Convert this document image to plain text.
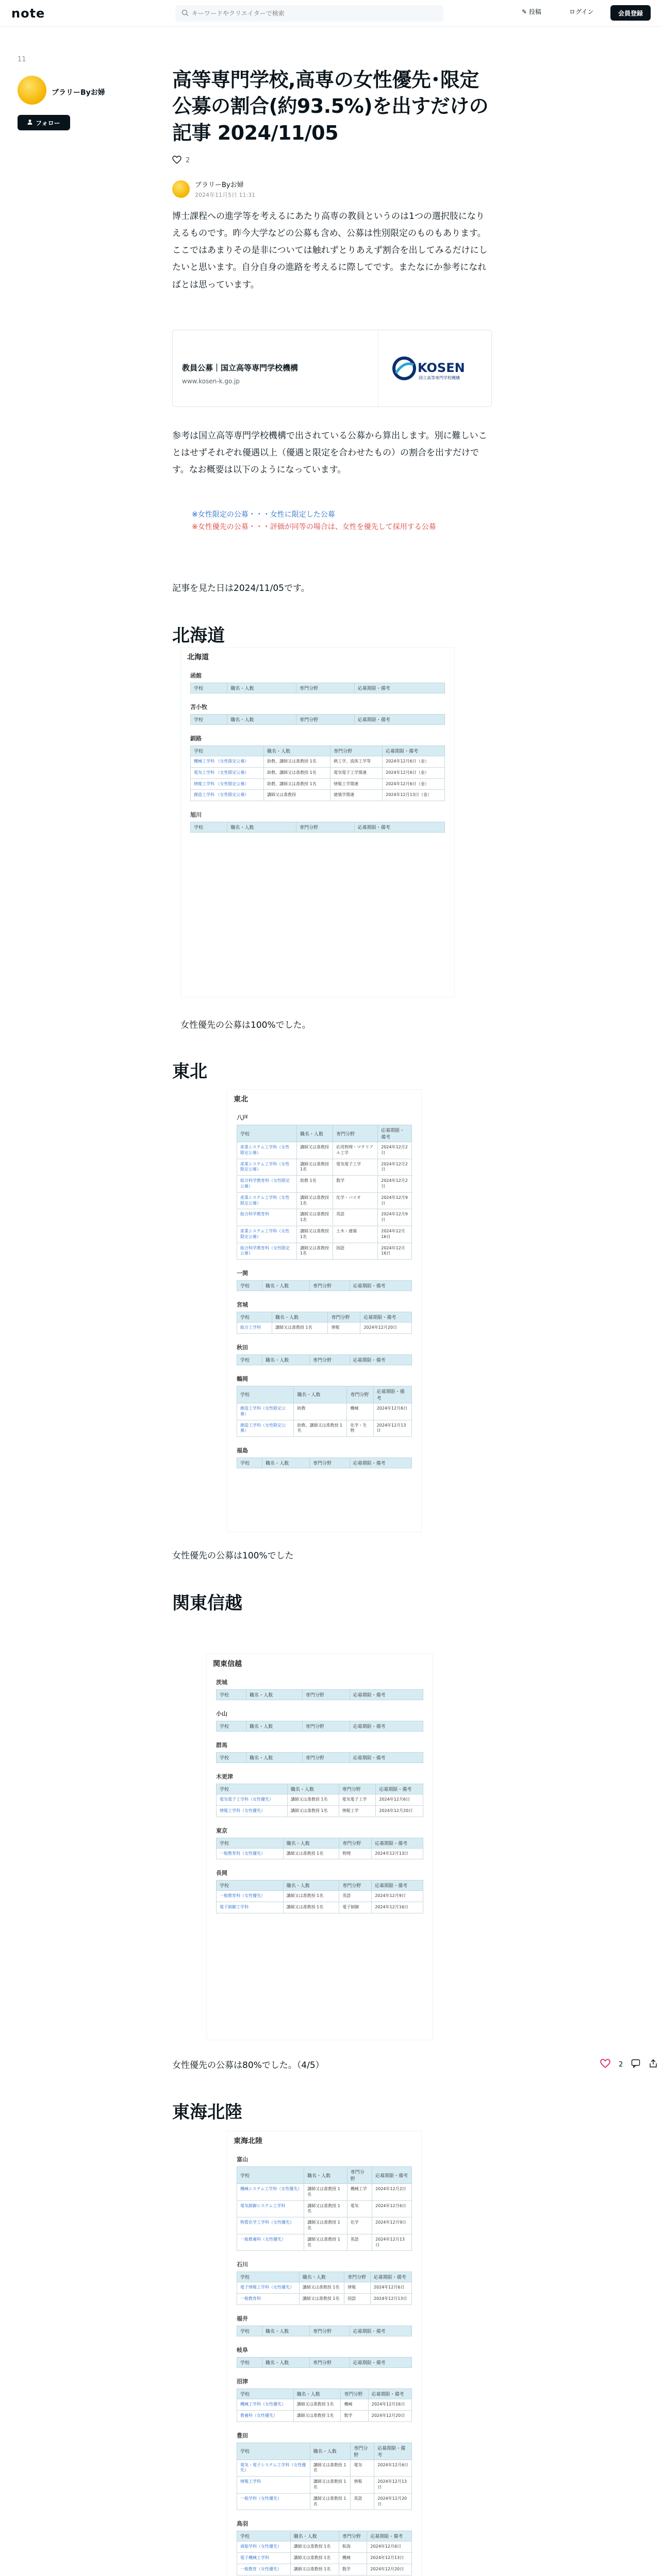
note
キーワードやクリエイターで検索	✎ 投稿	ログイン	会員登録
11
ブラリーByお婦
フォロー
高等専門学校,高専の女性優先･限定公募の割合(約93.5%)を出すだけの記事 2024/11/05
2
ブラリーByお婦
2024年11月5日 11:31

博士課程への進学等を考えるにあたり高専の教員というのは1つの選択肢になりえるものです。昨今大学などの公募も含め、公募は性別限定のものもあります。ここではあまりその是非については触れずとりあえず割合を出してみるだけにしたいと思います。自分自身の進路を考えるに際してです。またなにか参考になればとは思っています。

教員公募｜国立高等専門学校機構
www.kosen-k.go.jp
KOSEN
国立高等専門学校機構

参考は国立高等専門学校機構で出されている公募から算出します。別に難しいことはせずそれぞれ優遇以上（優遇と限定を合わせたもの）の割合を出すだけです。なお概要は以下のようになっています。

※女性限定の公募・・・女性に限定した公募
※女性優先の公募・・・評価が同等の場合は、女性を優先して採用する公募

記事を見た日は2024/11/05です。

北海道
北海道
函館
学校	職名・人数	専門分野	応募期限・備考
苫小牧
学校	職名・人数	専門分野	応募期限・備考
釧路
学校	職名・人数	専門分野	応募期限・備考
機械工学科 （女性限定公募）	助教、講師又は准教授 1名	熱工学、流体工学等	2024年12月6日（金）
電気工学科 （女性限定公募）	助教、講師又は准教授 1名	電気電子工学関連	2024年12月6日（金）
情報工学科 （女性限定公募）	助教、講師又は准教授 1名	情報工学関連	2024年12月6日（金）
創造工学科 （女性限定公募）	講師又は准教授	建築学関連	2024年12月13日（金）
旭川
学校	職名・人数	専門分野	応募期限・備考
女性優先の公募は100%でした。
東北
東北
八戸
学校	職名・人数	専門分野	応募期限・備考
産業システム工学科（女性限定公募）	講師又は准教授	応用物理・マテリアル工学	2024年12月2日
産業システム工学科（女性限定公募）	講師又は准教授 1名	電気電子工学	2024年12月2日
総合科学教育科（女性限定公募）	助教 1名	数学	2024年12月2日
産業システム工学科（女性限定公募）	講師又は准教授 1名	化学・バイオ	2024年12月9日
総合科学教育科	講師又は准教授 1名	英語	2024年12月9日
産業システム工学科（女性限定公募）	講師又は准教授 1名	土木・建築	2024年12月16日
総合科学教育科（女性限定公募）	講師又は准教授 1名	国語	2024年12月16日
一関
学校	職名・人数	専門分野	応募期限・備考
宮城
学校	職名・人数	専門分野	応募期限・備考
総合工学科	講師又は准教授 1名	情報	2024年12月20日
秋田
学校	職名・人数	専門分野	応募期限・備考
鶴岡
学校	職名・人数	専門分野	応募期限・備考
創造工学科（女性限定公募）	助教	機械	2024年12月6日
創造工学科（女性限定公募）	助教、講師又は准教授 1名	化学・生物	2024年12月13日
福島
学校	職名・人数	専門分野	応募期限・備考
女性優先の公募は100%でした
関東信越
関東信越
茨城
学校	職名・人数	専門分野	応募期限・備考
小山
学校	職名・人数	専門分野	応募期限・備考
群馬
学校	職名・人数	専門分野	応募期限・備考
木更津
学校	職名・人数	専門分野	応募期限・備考
電気電子工学科（女性優先）	講師又は准教授 1名	電気電子工学	2024年12月6日
情報工学科（女性優先）	講師又は准教授 1名	情報工学	2024年12月20日
東京
学校	職名・人数	専門分野	応募期限・備考
一般教育科（女性優先）	講師又は准教授 1名	物理	2024年12月13日
長岡
学校	職名・人数	専門分野	応募期限・備考
一般教育科（女性優先）	講師又は准教授 1名	英語	2024年12月9日
電子制御工学科	講師又は准教授 1名	電子制御	2024年12月16日
女性優先の公募は80%でした。（4/5）
東海北陸
東海北陸
富山
学校	職名・人数	専門分野	応募期限・備考
機械システム工学科（女性優先）	講師又は准教授 1名	機械工学	2024年12月2日
電気制御システム工学科	講師又は准教授 1名	電気	2024年12月6日
物質化学工学科（女性優先）	講師又は准教授 1名	化学	2024年12月9日
一般教養科（女性優先）	講師又は准教授 1名	英語	2024年12月13日
石川
学校	職名・人数	専門分野	応募期限・備考
電子情報工学科（女性優先）	講師又は准教授 1名	情報	2024年12月6日
一般教育科	講師又は准教授 1名	国語	2024年12月13日
福井
学校	職名・人数	専門分野	応募期限・備考
岐阜
学校	職名・人数	専門分野	応募期限・備考
沼津
学校	職名・人数	専門分野	応募期限・備考
機械工学科（女性優先）	講師又は准教授 1名	機械	2024年12月16日
教養科（女性優先）	講師又は准教授 1名	数学	2024年12月20日
豊田
学校	職名・人数	専門分野	応募期限・備考
電気・電子システム工学科（女性優先）	講師又は准教授 1名	電気	2024年12月6日
情報工学科	講師又は准教授 1名	情報	2024年12月13日
一般学科（女性優先）	講師又は准教授 1名	英語	2024年12月20日
鳥羽
学校	職名・人数	専門分野	応募期限・備考
商船学科（女性優先）	講師又は准教授 1名	航海	2024年12月6日
電子機械工学科	講師又は准教授 1名	機械	2024年12月13日
一般教育（女性優先）	講師又は准教授 1名	数学	2024年12月20日

2
